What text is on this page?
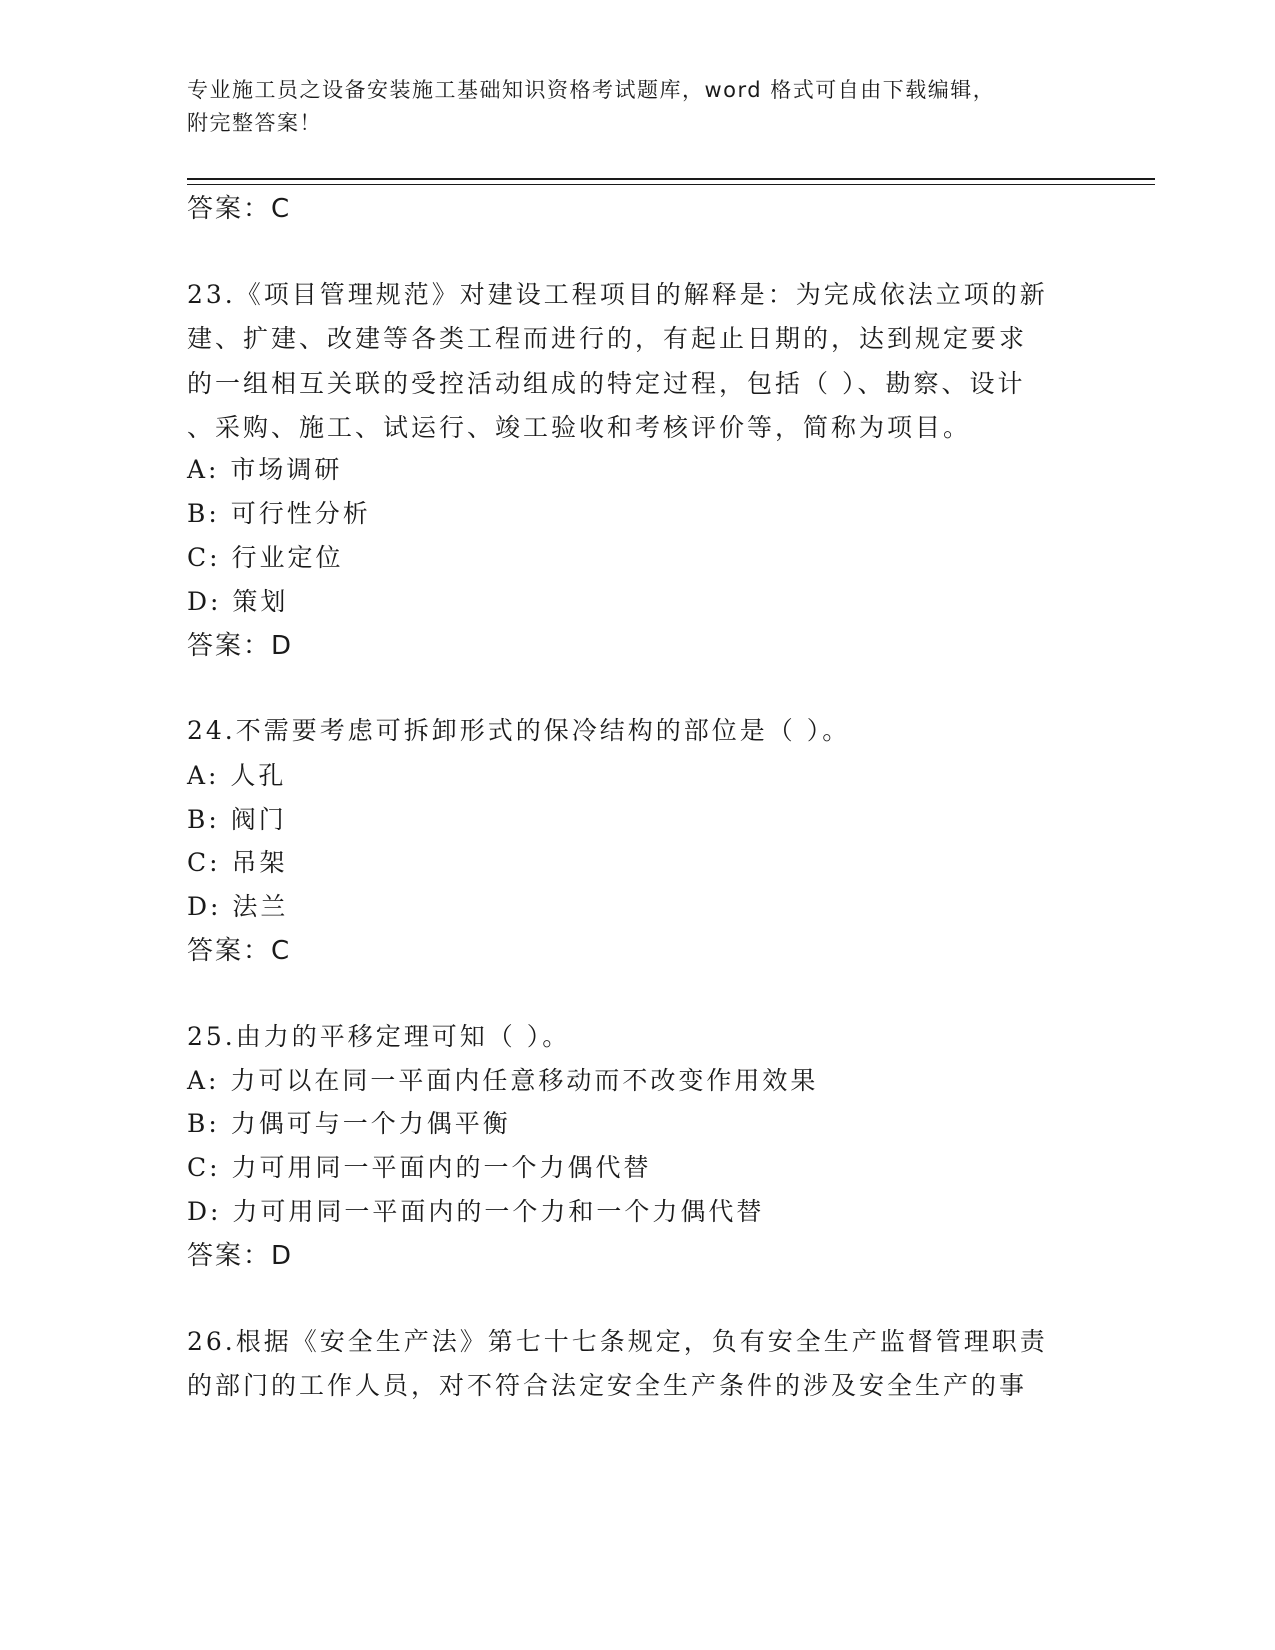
专业施工员之设备安装施工基础知识资格考试题库，word 格式可自由下载编辑，
附完整答案！
答案：C
23.《项目管理规范》对建设工程项目的解释是：为完成依法立项的新
建、扩建、改建等各类工程而进行的，有起止日期的，达到规定要求
的一组相互关联的受控活动组成的特定过程，包括（ ）、勘察、设计
、采购、施工、试运行、竣工验收和考核评价等，简称为项目。
A: 市场调研
B: 可行性分析
C: 行业定位
D: 策划
答案：D
24.不需要考虑可拆卸形式的保冷结构的部位是（ ）。
A: 人孔
B: 阀门
C: 吊架
D: 法兰
答案：C
25.由力的平移定理可知（ ）。
A: 力可以在同一平面内任意移动而不改变作用效果
B: 力偶可与一个力偶平衡
C: 力可用同一平面内的一个力偶代替
D: 力可用同一平面内的一个力和一个力偶代替
答案：D
26.根据《安全生产法》第七十七条规定，负有安全生产监督管理职责
的部门的工作人员，对不符合法定安全生产条件的涉及安全生产的事
